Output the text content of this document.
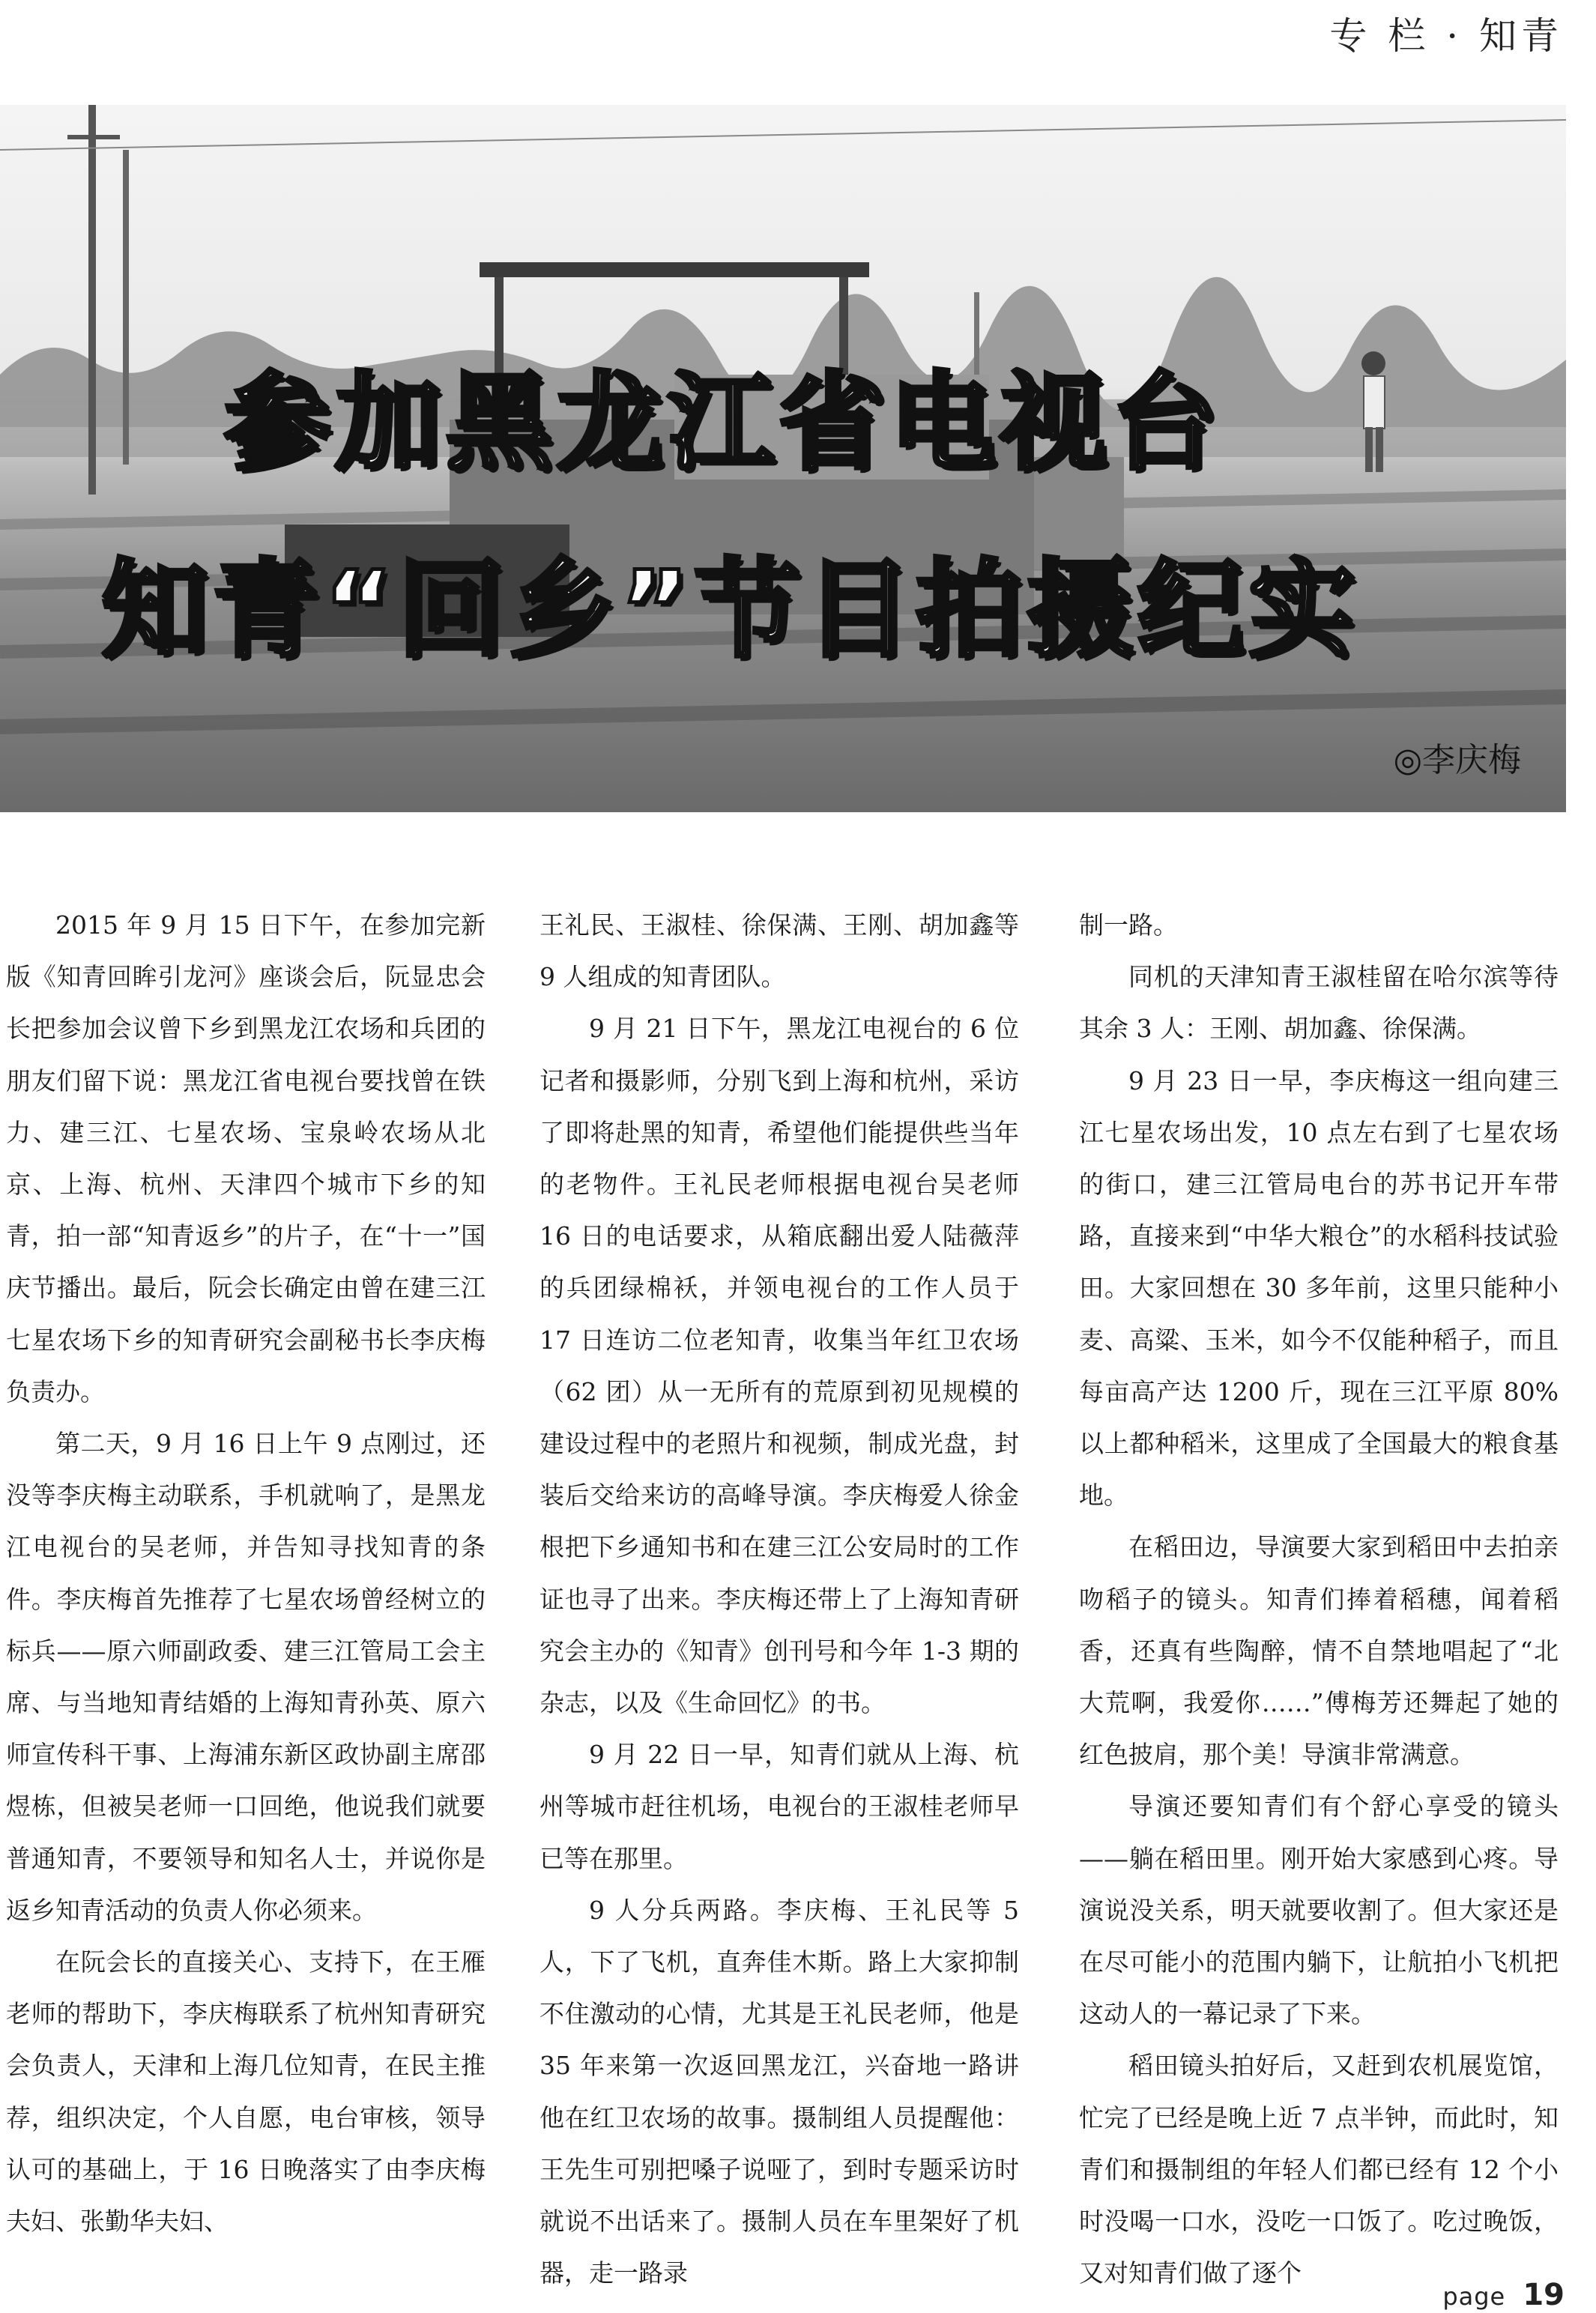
专 栏 · 知青
参加黑龙江省电视台
知青“回乡”节目拍摄纪实
◎李庆梅

2015 年 9 月 15 日下午，在参加完新版《知青回眸引龙河》座谈会后，阮显忠会长把参加会议曾下乡到黑龙江农场和兵团的朋友们留下说：黑龙江省电视台要找曾在铁力、建三江、七星农场、宝泉岭农场从北京、上海、杭州、天津四个城市下乡的知青，拍一部“知青返乡”的片子，在“十一”国庆节播出。最后，阮会长确定由曾在建三江七星农场下乡的知青研究会副秘书长李庆梅负责办。

第二天，9 月 16 日上午 9 点刚过，还没等李庆梅主动联系，手机就响了，是黑龙江电视台的吴老师，并告知寻找知青的条件。李庆梅首先推荐了七星农场曾经树立的标兵——原六师副政委、建三江管局工会主席、与当地知青结婚的上海知青孙英、原六师宣传科干事、上海浦东新区政协副主席邵煜栋，但被吴老师一口回绝，他说我们就要普通知青，不要领导和知名人士，并说你是返乡知青活动的负责人你必须来。

在阮会长的直接关心、支持下，在王雁老师的帮助下，李庆梅联系了杭州知青研究会负责人，天津和上海几位知青，在民主推荐，组织决定，个人自愿，电台审核，领导认可的基础上，于 16 日晚落实了由李庆梅夫妇、张勤华夫妇、

王礼民、王淑桂、徐保满、王刚、胡加鑫等 9 人组成的知青团队。

9 月 21 日下午，黑龙江电视台的 6 位记者和摄影师，分别飞到上海和杭州，采访了即将赴黑的知青，希望他们能提供些当年的老物件。王礼民老师根据电视台吴老师 16 日的电话要求，从箱底翻出爱人陆薇萍的兵团绿棉袄，并领电视台的工作人员于 17 日连访二位老知青，收集当年红卫农场（62 团）从一无所有的荒原到初见规模的建设过程中的老照片和视频，制成光盘，封装后交给来访的高峰导演。李庆梅爱人徐金根把下乡通知书和在建三江公安局时的工作证也寻了出来。李庆梅还带上了上海知青研究会主办的《知青》创刊号和今年 1-3 期的杂志，以及《生命回忆》的书。

9 月 22 日一早，知青们就从上海、杭州等城市赶往机场，电视台的王淑桂老师早已等在那里。

9 人分兵两路。李庆梅、王礼民等 5 人，下了飞机，直奔佳木斯。路上大家抑制不住激动的心情，尤其是王礼民老师，他是 35 年来第一次返回黑龙江，兴奋地一路讲他在红卫农场的故事。摄制组人员提醒他：王先生可别把嗓子说哑了，到时专题采访时就说不出话来了。摄制人员在车里架好了机器，走一路录

制一路。

同机的天津知青王淑桂留在哈尔滨等待其余 3 人：王刚、胡加鑫、徐保满。

9 月 23 日一早，李庆梅这一组向建三江七星农场出发，10 点左右到了七星农场的街口，建三江管局电台的苏书记开车带路，直接来到“中华大粮仓”的水稻科技试验田。大家回想在 30 多年前，这里只能种小麦、高粱、玉米，如今不仅能种稻子，而且每亩高产达 1200 斤，现在三江平原 80% 以上都种稻米，这里成了全国最大的粮食基地。

在稻田边，导演要大家到稻田中去拍亲吻稻子的镜头。知青们捧着稻穗，闻着稻香，还真有些陶醉，情不自禁地唱起了“北大荒啊，我爱你……”傅梅芳还舞起了她的红色披肩，那个美！导演非常满意。

导演还要知青们有个舒心享受的镜头——躺在稻田里。刚开始大家感到心疼。导演说没关系，明天就要收割了。但大家还是在尽可能小的范围内躺下，让航拍小飞机把这动人的一幕记录了下来。

稻田镜头拍好后，又赶到农机展览馆，忙完了已经是晚上近 7 点半钟，而此时，知青们和摄制组的年轻人们都已经有 12 个小时没喝一口水，没吃一口饭了。吃过晚饭，又对知青们做了逐个

page 19
